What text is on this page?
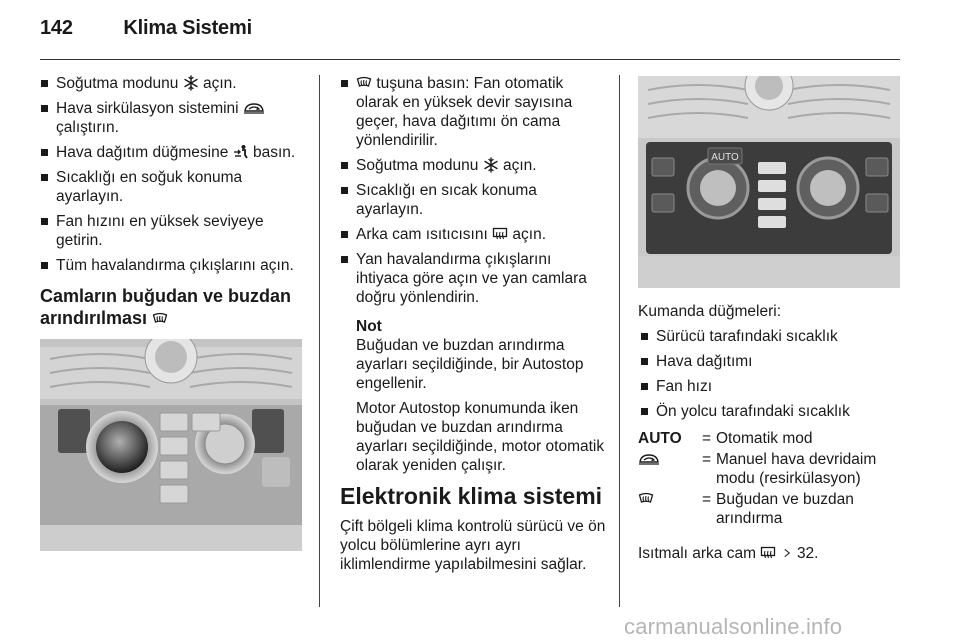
142	Klima Sistemi
Soğutma modunu açın.
Hava sirkülasyon sistemini
çalıştırın.
Hava dağıtım düğmesine basın.
Sıcaklığı en soğuk konuma ayarlayın.
Fan hızını en yüksek seviyeye getirin.
Tüm havalandırma çıkışlarını açın.
Camların buğudan ve buzdan arındırılması
tuşuna basın: Fan otomatik olarak en yüksek devir sayısına geçer, hava dağıtımı ön cama yönlendirilir.
Soğutma modunu açın.
Sıcaklığı en sıcak konuma ayarlayın.
Arka cam ısıtıcısını açın.
Yan havalandırma çıkışlarını ihtiyaca göre açın ve yan camlara doğru yönlendirin.
Not

Buğudan ve buzdan arındırma ayarları seçildiğinde, bir Autostop engellenir.

Motor Autostop konumunda iken buğudan ve buzdan arındırma ayarları seçildiğinde, motor otomatik olarak yeniden çalışır.

Elektronik klima sistemi

Çift bölgeli klima kontrolü sürücü ve ön yolcu bölümlerine ayrı ayrı iklimlendirme yapılabilmesini sağlar.

AUTO

Kumanda düğmeleri:

Sürücü tarafındaki sıcaklık
Hava dağıtımı
Fan hızı
Ön yolcu tarafındaki sıcaklık
AUTO	=	Otomatik mod

	=	Manuel hava devridaim modu (resirkülasyon)

	=	Buğudan ve buzdan arındırma

Isıtmalı arka cam
	32.

carmanualsonline.info
